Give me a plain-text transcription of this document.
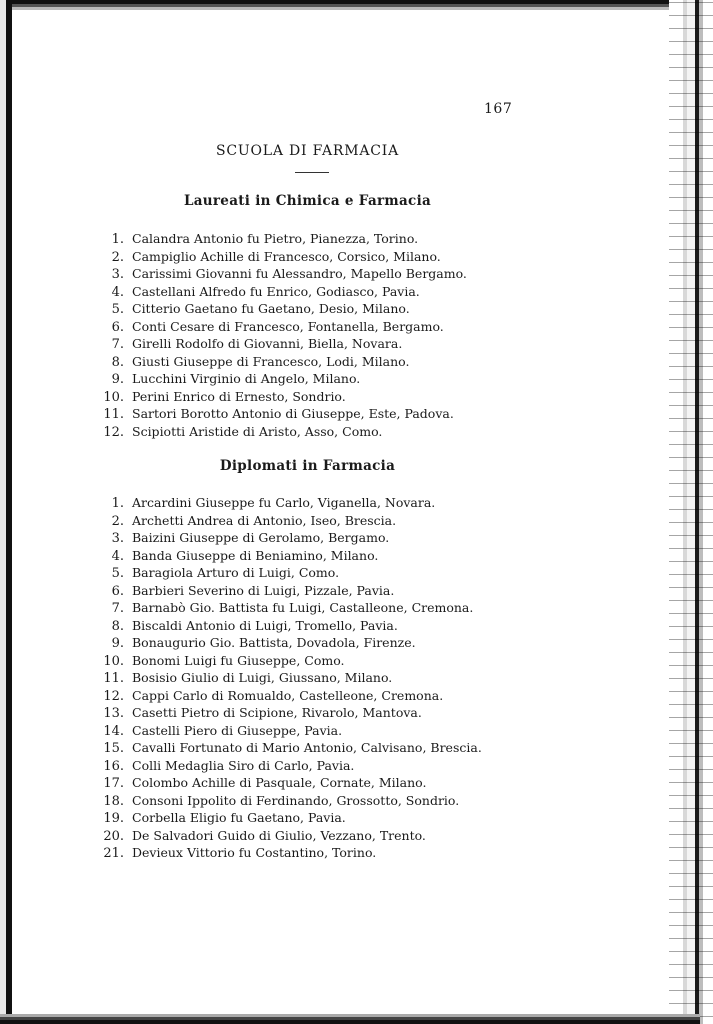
167
SCUOLA DI FARMACIA
Laureati in Chimica e Farmacia
1. Calandra Antonio fu Pietro, Pianezza, Torino.
2. Campiglio Achille di Francesco, Corsico, Milano.
3. Carissimi Giovanni fu Alessandro, Mapello Bergamo.
4. Castellani Alfredo fu Enrico, Godiasco, Pavia.
5. Citterio Gaetano fu Gaetano, Desio, Milano.
6. Conti Cesare di Francesco, Fontanella, Bergamo.
7. Girelli Rodolfo di Giovanni, Biella, Novara.
8. Giusti Giuseppe di Francesco, Lodi, Milano.
9. Lucchini Virginio di Angelo, Milano.
10. Perini Enrico di Ernesto, Sondrio.
11. Sartori Borotto Antonio di Giuseppe, Este, Padova.
12. Scipiotti Aristide di Aristo, Asso, Como.
Diplomati in Farmacia
1. Arcardini Giuseppe fu Carlo, Viganella, Novara.
2. Archetti Andrea di Antonio, Iseo, Brescia.
3. Baizini Giuseppe di Gerolamo, Bergamo.
4. Banda Giuseppe di Beniamino, Milano.
5. Baragiola Arturo di Luigi, Como.
6. Barbieri Severino di Luigi, Pizzale, Pavia.
7. Barnabò Gio. Battista fu Luigi, Castalleone, Cremona.
8. Biscaldi Antonio di Luigi, Tromello, Pavia.
9. Bonaugurio Gio. Battista, Dovadola, Firenze.
10. Bonomi Luigi fu Giuseppe, Como.
11. Bosisio Giulio di Luigi, Giussano, Milano.
12. Cappi Carlo di Romualdo, Castelleone, Cremona.
13. Casetti Pietro di Scipione, Rivarolo, Mantova.
14. Castelli Piero di Giuseppe, Pavia.
15. Cavalli Fortunato di Mario Antonio, Calvisano, Brescia.
16. Colli Medaglia Siro di Carlo, Pavia.
17. Colombo Achille di Pasquale, Cornate, Milano.
18. Consoni Ippolito di Ferdinando, Grossotto, Sondrio.
19. Corbella Eligio fu Gaetano, Pavia.
20. De Salvadori Guido di Giulio, Vezzano, Trento.
21. Devieux Vittorio fu Costantino, Torino.
